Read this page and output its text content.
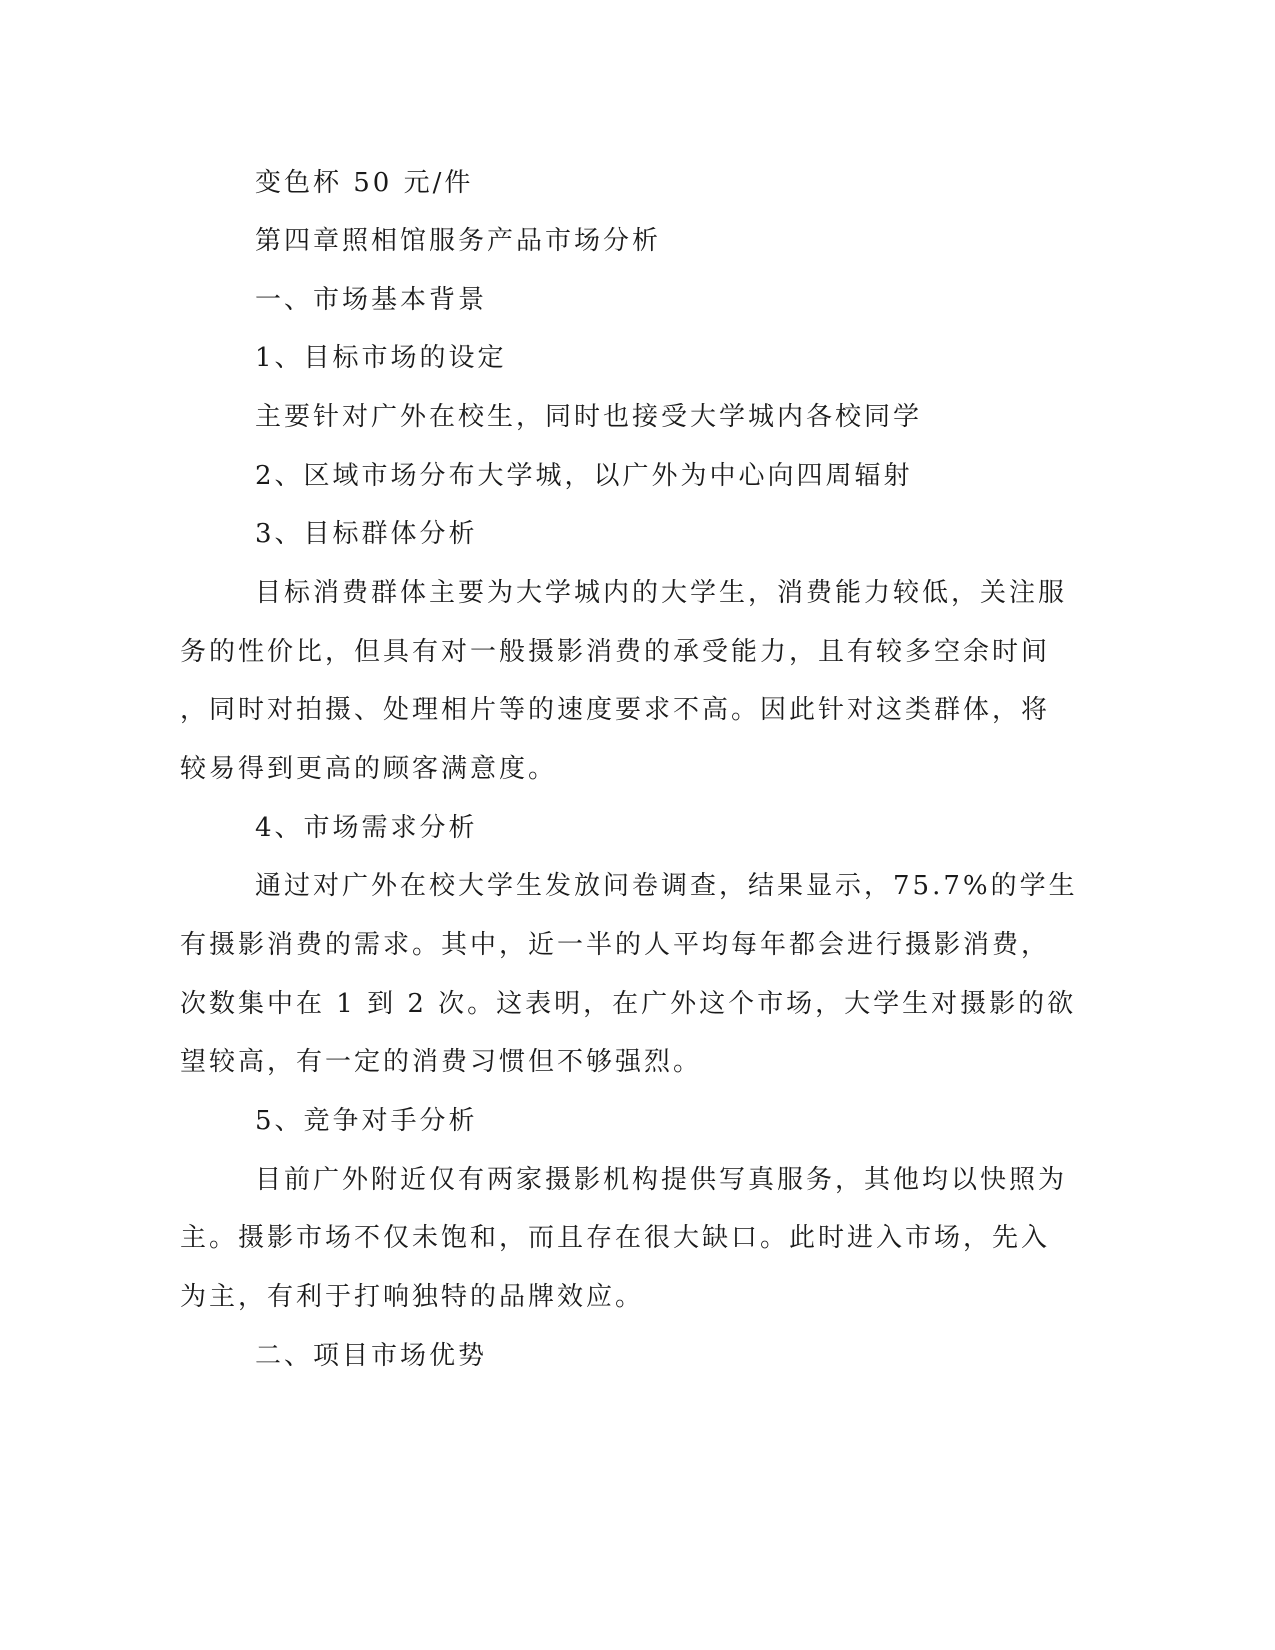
变色杯 50 元/件
第四章照相馆服务产品市场分析
一、市场基本背景
1、目标市场的设定
主要针对广外在校生，同时也接受大学城内各校同学
2、区域市场分布大学城，以广外为中心向四周辐射
3、目标群体分析
目标消费群体主要为大学城内的大学生，消费能力较低，关注服
务的性价比，但具有对一般摄影消费的承受能力，且有较多空余时间
，同时对拍摄、处理相片等的速度要求不高。因此针对这类群体，将
较易得到更高的顾客满意度。
4、市场需求分析
通过对广外在校大学生发放问卷调查，结果显示，75.7%的学生
有摄影消费的需求。其中，近一半的人平均每年都会进行摄影消费，
次数集中在 1 到 2 次。这表明，在广外这个市场，大学生对摄影的欲
望较高，有一定的消费习惯但不够强烈。
5、竞争对手分析
目前广外附近仅有两家摄影机构提供写真服务，其他均以快照为
主。摄影市场不仅未饱和，而且存在很大缺口。此时进入市场，先入
为主，有利于打响独特的品牌效应。
二、项目市场优势
